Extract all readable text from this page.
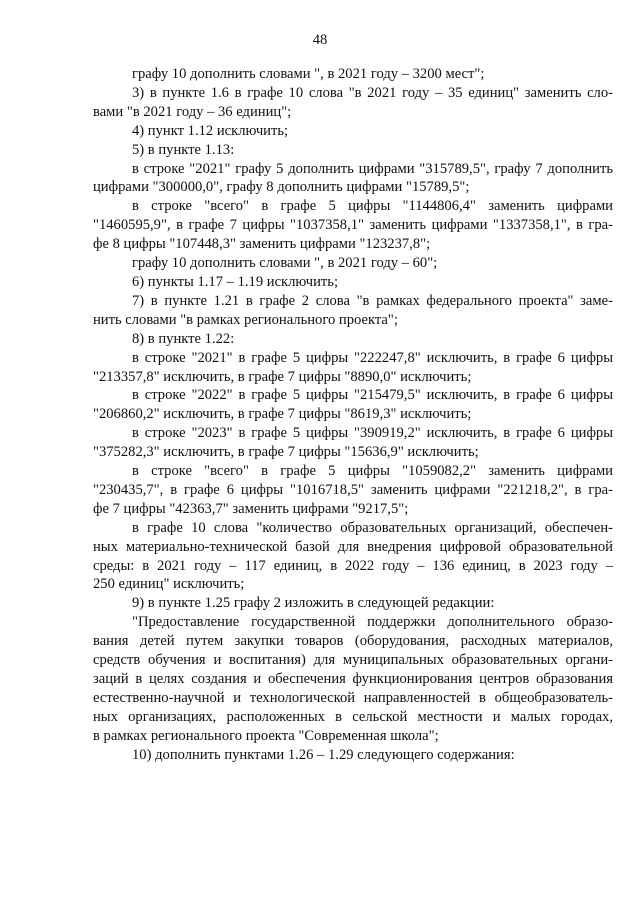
48
графу 10 дополнить словами ", в 2021 году – 3200 мест";
3) в пункте 1.6 в графе 10 слова "в 2021 году – 35 единиц" заменить сло-
вами "в 2021 году – 36 единиц";
4) пункт 1.12 исключить;
5) в пункте 1.13:
в строке "2021" графу 5 дополнить цифрами "315789,5", графу 7 дополнить
цифрами "300000,0", графу 8 дополнить цифрами "15789,5";
в строке "всего" в графе 5 цифры "1144806,4" заменить цифрами
"1460595,9", в графе 7 цифры "1037358,1" заменить цифрами "1337358,1", в гра-
фе 8 цифры "107448,3" заменить цифрами "123237,8";
графу 10 дополнить словами ", в 2021 году – 60";
6) пункты 1.17 – 1.19 исключить;
7) в пункте 1.21 в графе 2 слова "в рамках федерального проекта" заме-
нить словами "в рамках регионального проекта";
8) в пункте 1.22:
в строке "2021" в графе 5 цифры "222247,8" исключить, в графе 6 цифры
"213357,8" исключить, в графе 7 цифры "8890,0" исключить;
в строке "2022" в графе 5 цифры "215479,5" исключить, в графе 6 цифры
"206860,2" исключить, в графе 7 цифры "8619,3" исключить;
в строке "2023" в графе 5 цифры "390919,2" исключить, в графе 6 цифры
"375282,3" исключить, в графе 7 цифры "15636,9" исключить;
в строке "всего" в графе 5 цифры "1059082,2" заменить цифрами
"230435,7", в графе 6 цифры "1016718,5" заменить цифрами "221218,2", в гра-
фе 7 цифры "42363,7" заменить цифрами "9217,5";
в графе 10 слова "количество образовательных организаций, обеспечен-
ных материально-технической базой для внедрения цифровой образовательной
среды: в 2021 году – 117 единиц, в 2022 году – 136 единиц, в 2023 году –
250 единиц" исключить;
9) в пункте 1.25 графу 2 изложить в следующей редакции:
"Предоставление государственной поддержки дополнительного образо-
вания детей путем закупки товаров (оборудования, расходных материалов,
средств обучения и воспитания) для муниципальных образовательных органи-
заций в целях создания и обеспечения функционирования центров образования
естественно-научной и технологической направленностей в общеобразователь-
ных организациях, расположенных в сельской местности и малых городах,
в рамках регионального проекта "Современная школа";
10) дополнить пунктами 1.26 – 1.29 следующего содержания:
